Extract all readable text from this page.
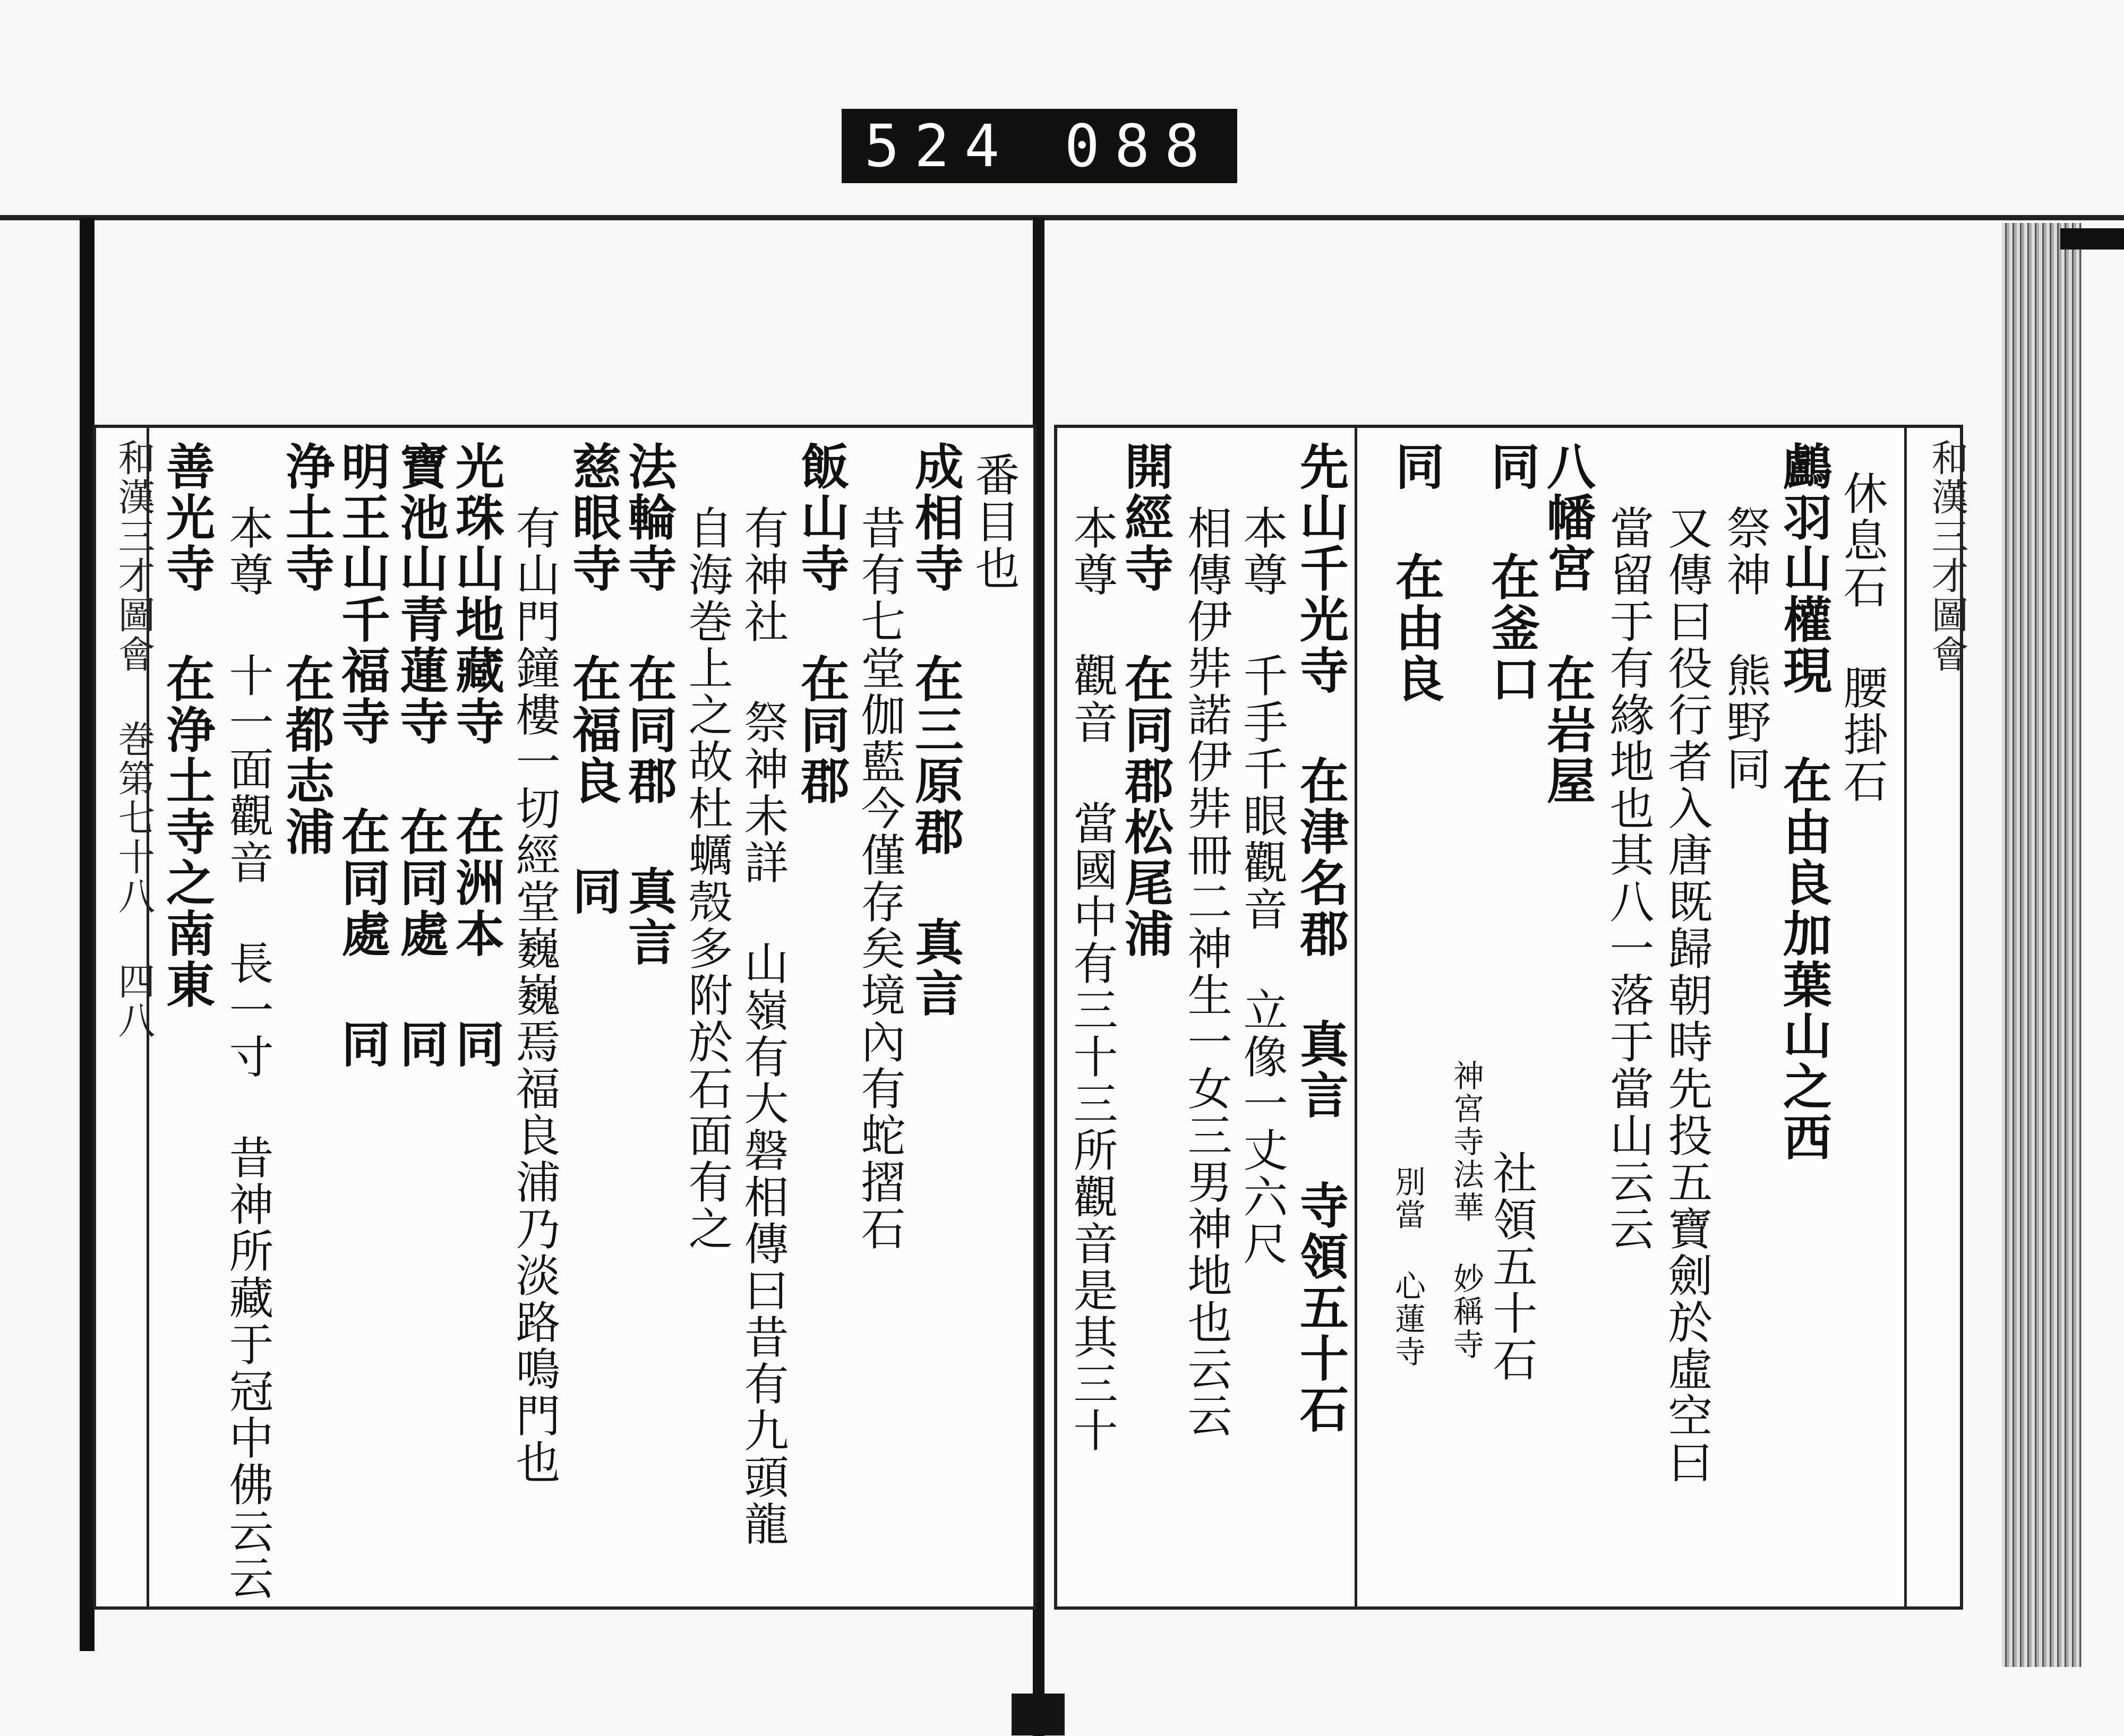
524 088
和漢三才圖會
休息石 腰掛石
鸕羽山權現 在由良加葉山之西
祭神 熊野同
又傳曰役行者入唐既歸朝時先投五寶劍於虛空曰
當留于有緣地也其八一落于當山云云
八幡宮 在岩屋
同 在釜口
社領五十石
神宮寺法華 妙稱寺
同 在由良
別當 心蓮寺
先山千光寺 在津名郡 真言 寺領五十石
本尊 千手千眼觀音 立像一丈六尺
相傳伊弉諾伊弉冊二神生一女三男神地也云云
開經寺 在同郡松尾浦
本尊 觀音 當國中有三十三所觀音是其三十
番目也
成相寺 在三原郡 真言
昔有七堂伽藍今僅存矣境內有蛇摺石
飯山寺 在同郡
有神社 祭神未詳 山嶺有大磐相傳曰昔有九頭龍
自海巻上之故杜蠣殼多附於石面有之
法輪寺 在同郡 真言
慈眼寺 在福良 同
有山門鐘樓一切經堂巍巍焉福良浦乃淡路鳴門也
光珠山地藏寺 在洲本 同
寶池山青蓮寺 在同處 同
明王山千福寺 在同處 同
浄土寺 在都志浦
本尊 十一面觀音 長一寸 昔神所藏于冠中佛云云
善光寺 在浄土寺之南東
和漢三才圖會 巻第七十八 四八
